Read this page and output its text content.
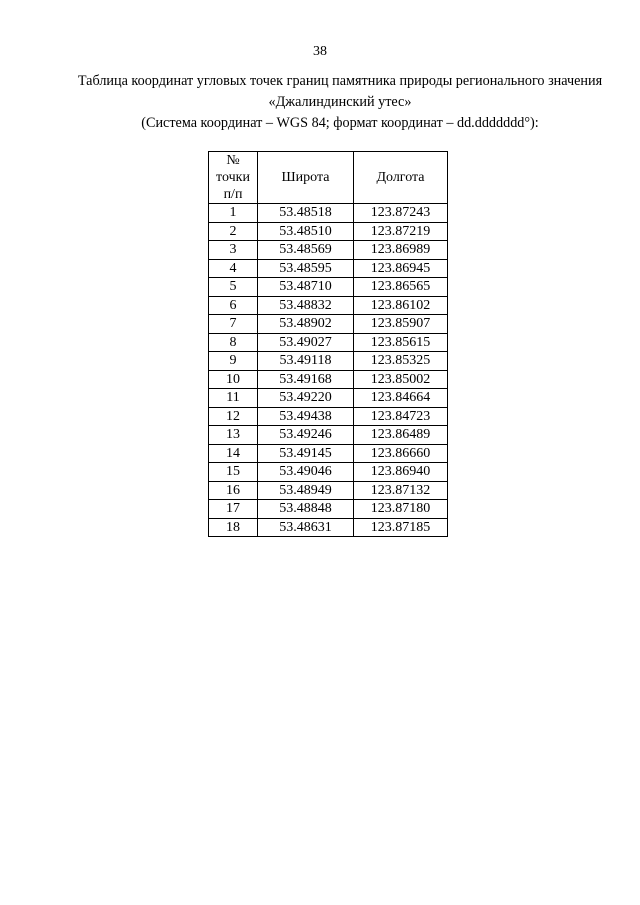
38
Таблица координат угловых точек границ памятника природы регионального значения «Джалиндинский утес»
(Система координат – WGS 84; формат координат – dd.ddddddd°):
№
точки
п/п	Широта	Долгота
1	53.48518	123.87243
2	53.48510	123.87219
3	53.48569	123.86989
4	53.48595	123.86945
5	53.48710	123.86565
6	53.48832	123.86102
7	53.48902	123.85907
8	53.49027	123.85615
9	53.49118	123.85325
10	53.49168	123.85002
11	53.49220	123.84664
12	53.49438	123.84723
13	53.49246	123.86489
14	53.49145	123.86660
15	53.49046	123.86940
16	53.48949	123.87132
17	53.48848	123.87180
18	53.48631	123.87185
